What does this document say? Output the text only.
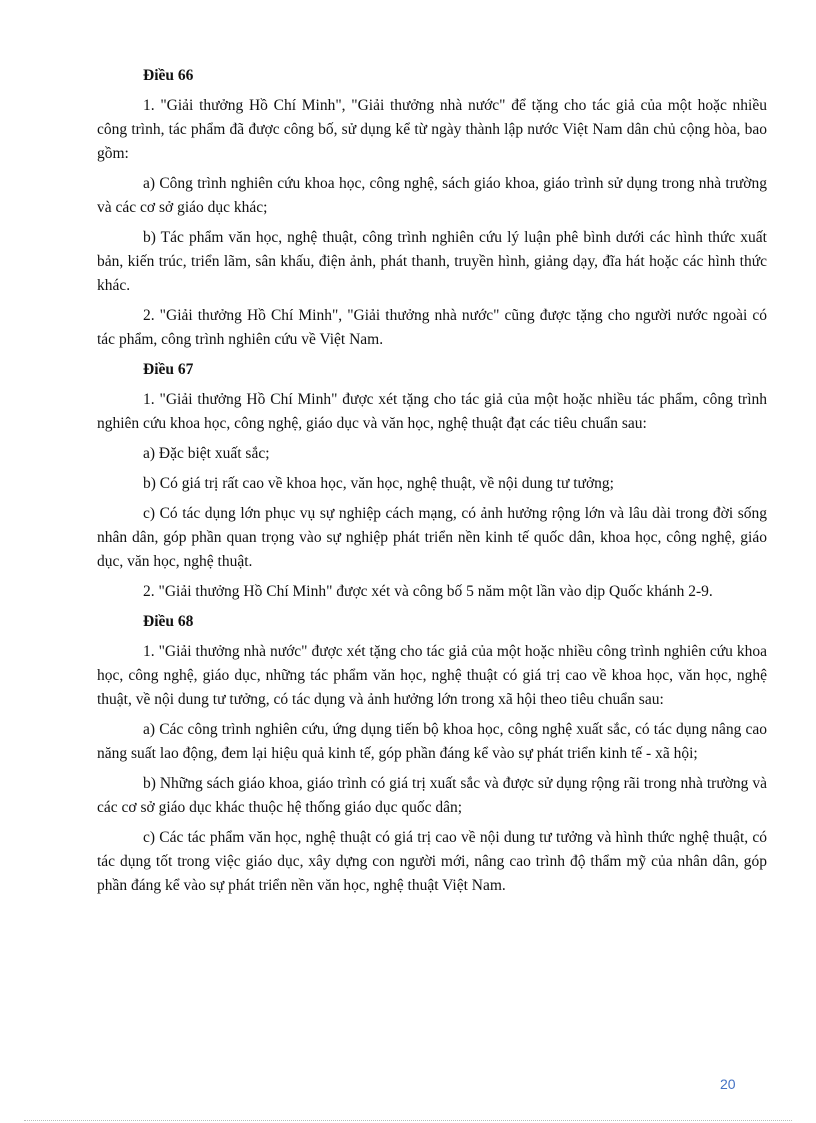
Điều 66

1. "Giải thưởng Hồ Chí Minh", "Giải thưởng nhà nước" để tặng cho tác giả của một hoặc nhiều công trình, tác phẩm đã được công bố, sử dụng kể từ ngày thành lập nước Việt Nam dân chủ cộng hòa, bao gồm:

a) Công trình nghiên cứu khoa học, công nghệ, sách giáo khoa, giáo trình sử dụng trong nhà trường và các cơ sở giáo dục khác;

b) Tác phẩm văn học, nghệ thuật, công trình nghiên cứu lý luận phê bình dưới các hình thức xuất bản, kiến trúc, triển lãm, sân khấu, điện ảnh, phát thanh, truyền hình, giảng dạy, đĩa hát hoặc các hình thức khác.

2. "Giải thưởng Hồ Chí Minh", "Giải thưởng nhà nước" cũng được tặng cho người nước ngoài có tác phẩm, công trình nghiên cứu về Việt Nam.

Điều 67

1. "Giải thưởng Hồ Chí Minh" được xét tặng cho tác giả của một hoặc nhiều tác phẩm, công trình nghiên cứu khoa học, công nghệ, giáo dục và văn học, nghệ thuật đạt các tiêu chuẩn sau:

a) Đặc biệt xuất sắc;

b) Có giá trị rất cao về khoa học, văn học, nghệ thuật, về nội dung tư tưởng;

c) Có tác dụng lớn phục vụ sự nghiệp cách mạng, có ảnh hưởng rộng lớn và lâu dài trong đời sống nhân dân, góp phần quan trọng vào sự nghiệp phát triển nền kinh tế quốc dân, khoa học, công nghệ, giáo dục, văn học, nghệ thuật.

2. "Giải thưởng Hồ Chí Minh" được xét và công bố 5 năm một lần vào dịp Quốc khánh 2-9.

Điều 68

1. "Giải thưởng nhà nước" được xét tặng cho tác giả của một hoặc nhiều công trình nghiên cứu khoa học, công nghệ, giáo dục, những tác phẩm văn học, nghệ thuật có giá trị cao về khoa học, văn học, nghệ thuật, về nội dung tư tưởng, có tác dụng và ảnh hưởng lớn trong xã hội theo tiêu chuẩn sau:

a) Các công trình nghiên cứu, ứng dụng tiến bộ khoa học, công nghệ xuất sắc, có tác dụng nâng cao năng suất lao động, đem lại hiệu quả kinh tế, góp phần đáng kể vào sự phát triển kinh tế - xã hội;

b) Những sách giáo khoa, giáo trình có giá trị xuất sắc và được sử dụng rộng rãi trong nhà trường và các cơ sở giáo dục khác thuộc hệ thống giáo dục quốc dân;

c) Các tác phẩm văn học, nghệ thuật có giá trị cao về nội dung tư tưởng và hình thức nghệ thuật, có tác dụng tốt trong việc giáo dục, xây dựng con người mới, nâng cao trình độ thẩm mỹ của nhân dân, góp phần đáng kể vào sự phát triển nền văn học, nghệ thuật Việt Nam.

20
